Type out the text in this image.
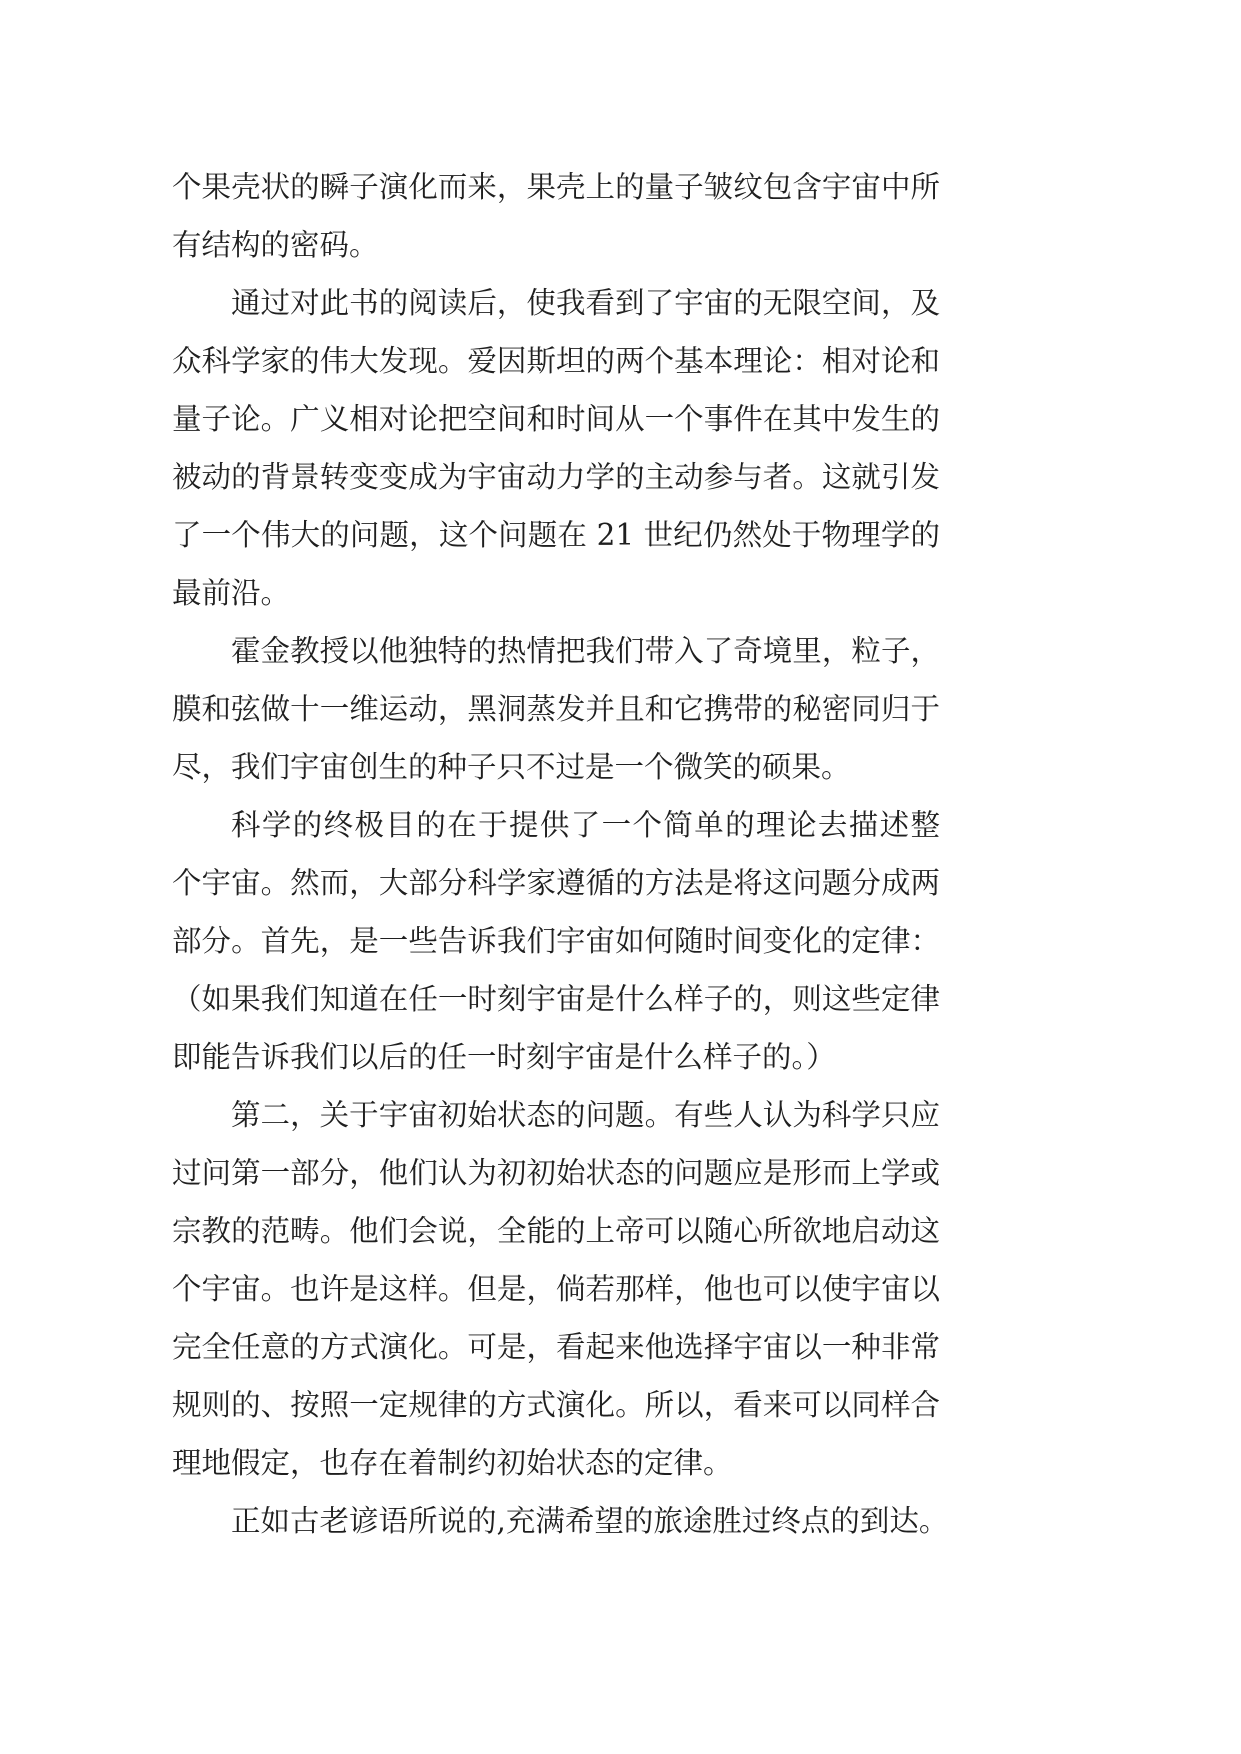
个果壳状的瞬子演化而来，果壳上的量子皱纹包含宇宙中所
有结构的密码。
通过对此书的阅读后，使我看到了宇宙的无限空间，及
众科学家的伟大发现。爱因斯坦的两个基本理论：相对论和
量子论。广义相对论把空间和时间从一个事件在其中发生的
被动的背景转变变成为宇宙动力学的主动参与者。这就引发
了一个伟大的问题，这个问题在 21 世纪仍然处于物理学的
最前沿。
霍金教授以他独特的热情把我们带入了奇境里，粒子，
膜和弦做十一维运动，黑洞蒸发并且和它携带的秘密同归于
尽，我们宇宙创生的种子只不过是一个微笑的硕果。
科学的终极目的在于提供了一个简单的理论去描述整
个宇宙。然而，大部分科学家遵循的方法是将这问题分成两
部分。首先，是一些告诉我们宇宙如何随时间变化的定律：
（如果我们知道在任一时刻宇宙是什么样子的，则这些定律
即能告诉我们以后的任一时刻宇宙是什么样子的。）
第二，关于宇宙初始状态的问题。有些人认为科学只应
过问第一部分，他们认为初初始状态的问题应是形而上学或
宗教的范畴。他们会说，全能的上帝可以随心所欲地启动这
个宇宙。也许是这样。但是，倘若那样，他也可以使宇宙以
完全任意的方式演化。可是，看起来他选择宇宙以一种非常
规则的、按照一定规律的方式演化。所以，看来可以同样合
理地假定，也存在着制约初始状态的定律。
正如古老谚语所说的,充满希望的旅途胜过终点的到达。
